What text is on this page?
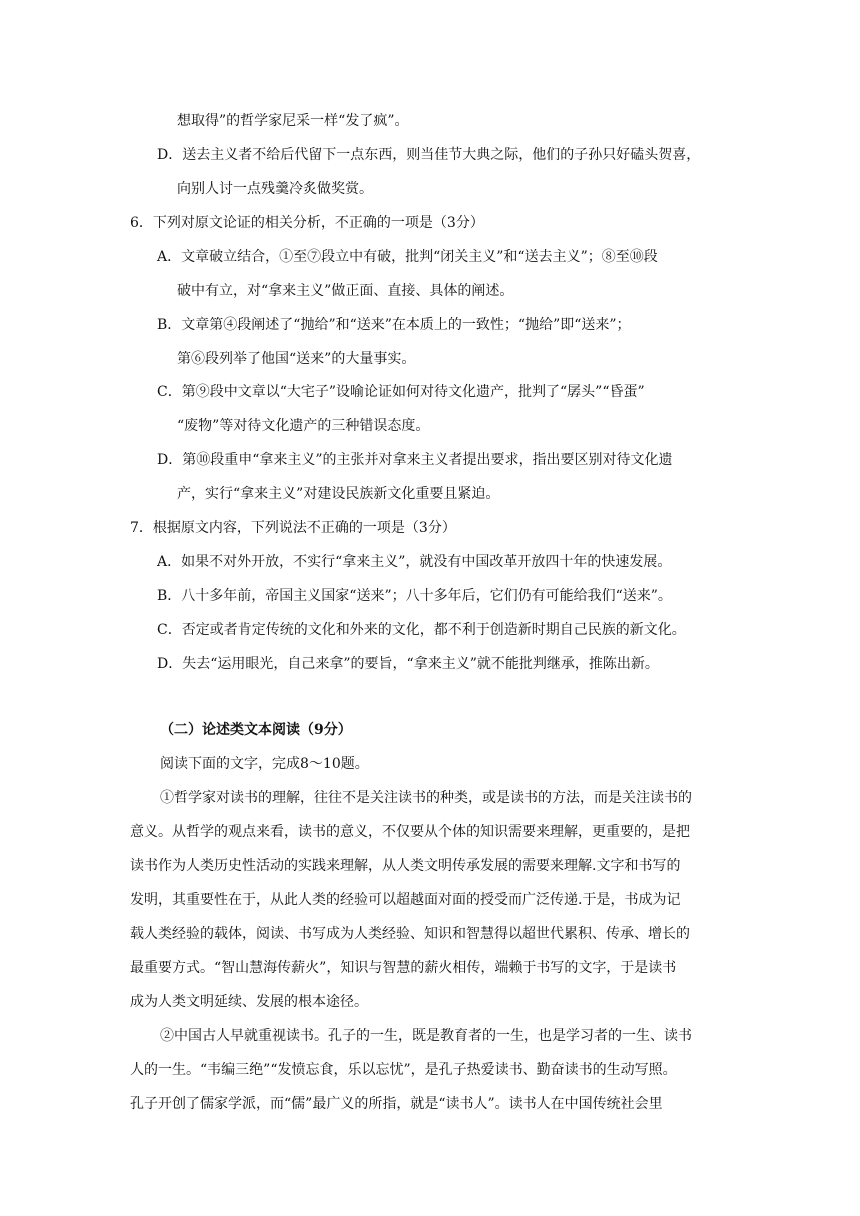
想取得”的哲学家尼采一样“发了疯”。
D．送去主义者不给后代留下一点东西，则当佳节大典之际，他们的子孙只好磕头贺喜，
向别人讨一点残羹冷炙做奖赏。
6．下列对原文论证的相关分析，不正确的一项是（3分）
A．文章破立结合，①至⑦段立中有破，批判“闭关主义”和“送去主义”；⑧至⑩段
破中有立，对“拿来主义”做正面、直接、具体的阐述。
B．文章第④段阐述了“抛给”和“送来”在本质上的一致性；“抛给”即“送来”；
第⑥段列举了他国“送来”的大量事实。
C．第⑨段中文章以“大宅子”设喻论证如何对待文化遗产，批判了“孱头”“昏蛋”
“废物”等对待文化遗产的三种错误态度。
D．第⑩段重申“拿来主义”的主张并对拿来主义者提出要求，指出要区别对待文化遗
产，实行“拿来主义”对建设民族新文化重要且紧迫。
7．根据原文内容，下列说法不正确的一项是（3分）
A．如果不对外开放，不实行“拿来主义”，就没有中国改革开放四十年的快速发展。
B．八十多年前，帝国主义国家“送来”；八十多年后，它们仍有可能给我们“送来”。
C．否定或者肯定传统的文化和外来的文化，都不利于创造新时期自己民族的新文化。
D．失去“运用眼光，自己来拿”的要旨，“拿来主义”就不能批判继承，推陈出新。
（二）论述类文本阅读（9分）
阅读下面的文字，完成8～10题。
①哲学家对读书的理解，往往不是关注读书的种类，或是读书的方法，而是关注读书的
意义。从哲学的观点来看，读书的意义，不仅要从个体的知识需要来理解，更重要的，是把
读书作为人类历史性活动的实践来理解，从人类文明传承发展的需要来理解.文字和书写的
发明，其重要性在于，从此人类的经验可以超越面对面的授受而广泛传递.于是，书成为记
载人类经验的载体，阅读、书写成为人类经验、知识和智慧得以超世代累积、传承、增长的
最重要方式。“智山慧海传薪火”，知识与智慧的薪火相传，端赖于书写的文字，于是读书
成为人类文明延续、发展的根本途径。
②中国古人早就重视读书。孔子的一生，既是教育者的一生，也是学习者的一生、读书
人的一生。“韦编三绝”“发愤忘食，乐以忘忧”，是孔子热爱读书、勤奋读书的生动写照。
孔子开创了儒家学派，而“儒”最广义的所指，就是“读书人”。读书人在中国传统社会里
